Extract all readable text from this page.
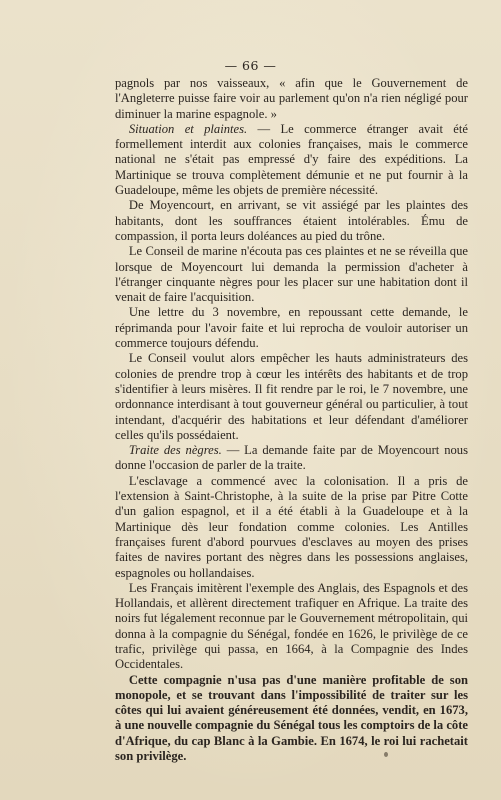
— 66 —

pagnols par nos vaisseaux, « afin que le Gouvernement de l'Angleterre puisse faire voir au parlement qu'on n'a rien négligé pour diminuer la marine espagnole. »

Situation et plaintes. — Le commerce étranger avait été formellement interdit aux colonies françaises, mais le commerce national ne s'était pas empressé d'y faire des expéditions. La Martinique se trouva complètement démunie et ne put fournir à la Guadeloupe, même les objets de première nécessité.

De Moyencourt, en arrivant, se vit assiégé par les plaintes des habitants, dont les souffrances étaient intolérables. Ému de compassion, il porta leurs doléances au pied du trône.

Le Conseil de marine n'écouta pas ces plaintes et ne se réveilla que lorsque de Moyencourt lui demanda la permission d'acheter à l'étranger cinquante nègres pour les placer sur une habitation dont il venait de faire l'acquisition.

Une lettre du 3 novembre, en repoussant cette demande, le réprimanda pour l'avoir faite et lui reprocha de vouloir autoriser un commerce toujours défendu.

Le Conseil voulut alors empêcher les hauts administrateurs des colonies de prendre trop à cœur les intérêts des habitants et de trop s'identifier à leurs misères. Il fit rendre par le roi, le 7 novembre, une ordonnance interdisant à tout gouverneur général ou particulier, à tout intendant, d'acquérir des habitations et leur défendant d'améliorer celles qu'ils possédaient.

Traite des nègres. — La demande faite par de Moyencourt nous donne l'occasion de parler de la traite.

L'esclavage a commencé avec la colonisation. Il a pris de l'extension à Saint-Christophe, à la suite de la prise par Pitre Cotte d'un galion espagnol, et il a été établi à la Guadeloupe et à la Martinique dès leur fondation comme colonies. Les Antilles françaises furent d'abord pourvues d'esclaves au moyen des prises faites de navires portant des nègres dans les possessions anglaises, espagnoles ou hollandaises.

Les Français imitèrent l'exemple des Anglais, des Espagnols et des Hollandais, et allèrent directement trafiquer en Afrique. La traite des noirs fut légalement reconnue par le Gouvernement métropolitain, qui donna à la compagnie du Sénégal, fondée en 1626, le privilège de ce trafic, privilège qui passa, en 1664, à la Compagnie des Indes Occidentales.

Cette compagnie n'usa pas d'une manière profitable de son monopole, et se trouvant dans l'impossibilité de traiter sur les côtes qui lui avaient généreusement été données, vendit, en 1673, à une nouvelle compagnie du Sénégal tous les comptoirs de la côte d'Afrique, du cap Blanc à la Gambie. En 1674, le roi lui rachetait son privilège.
